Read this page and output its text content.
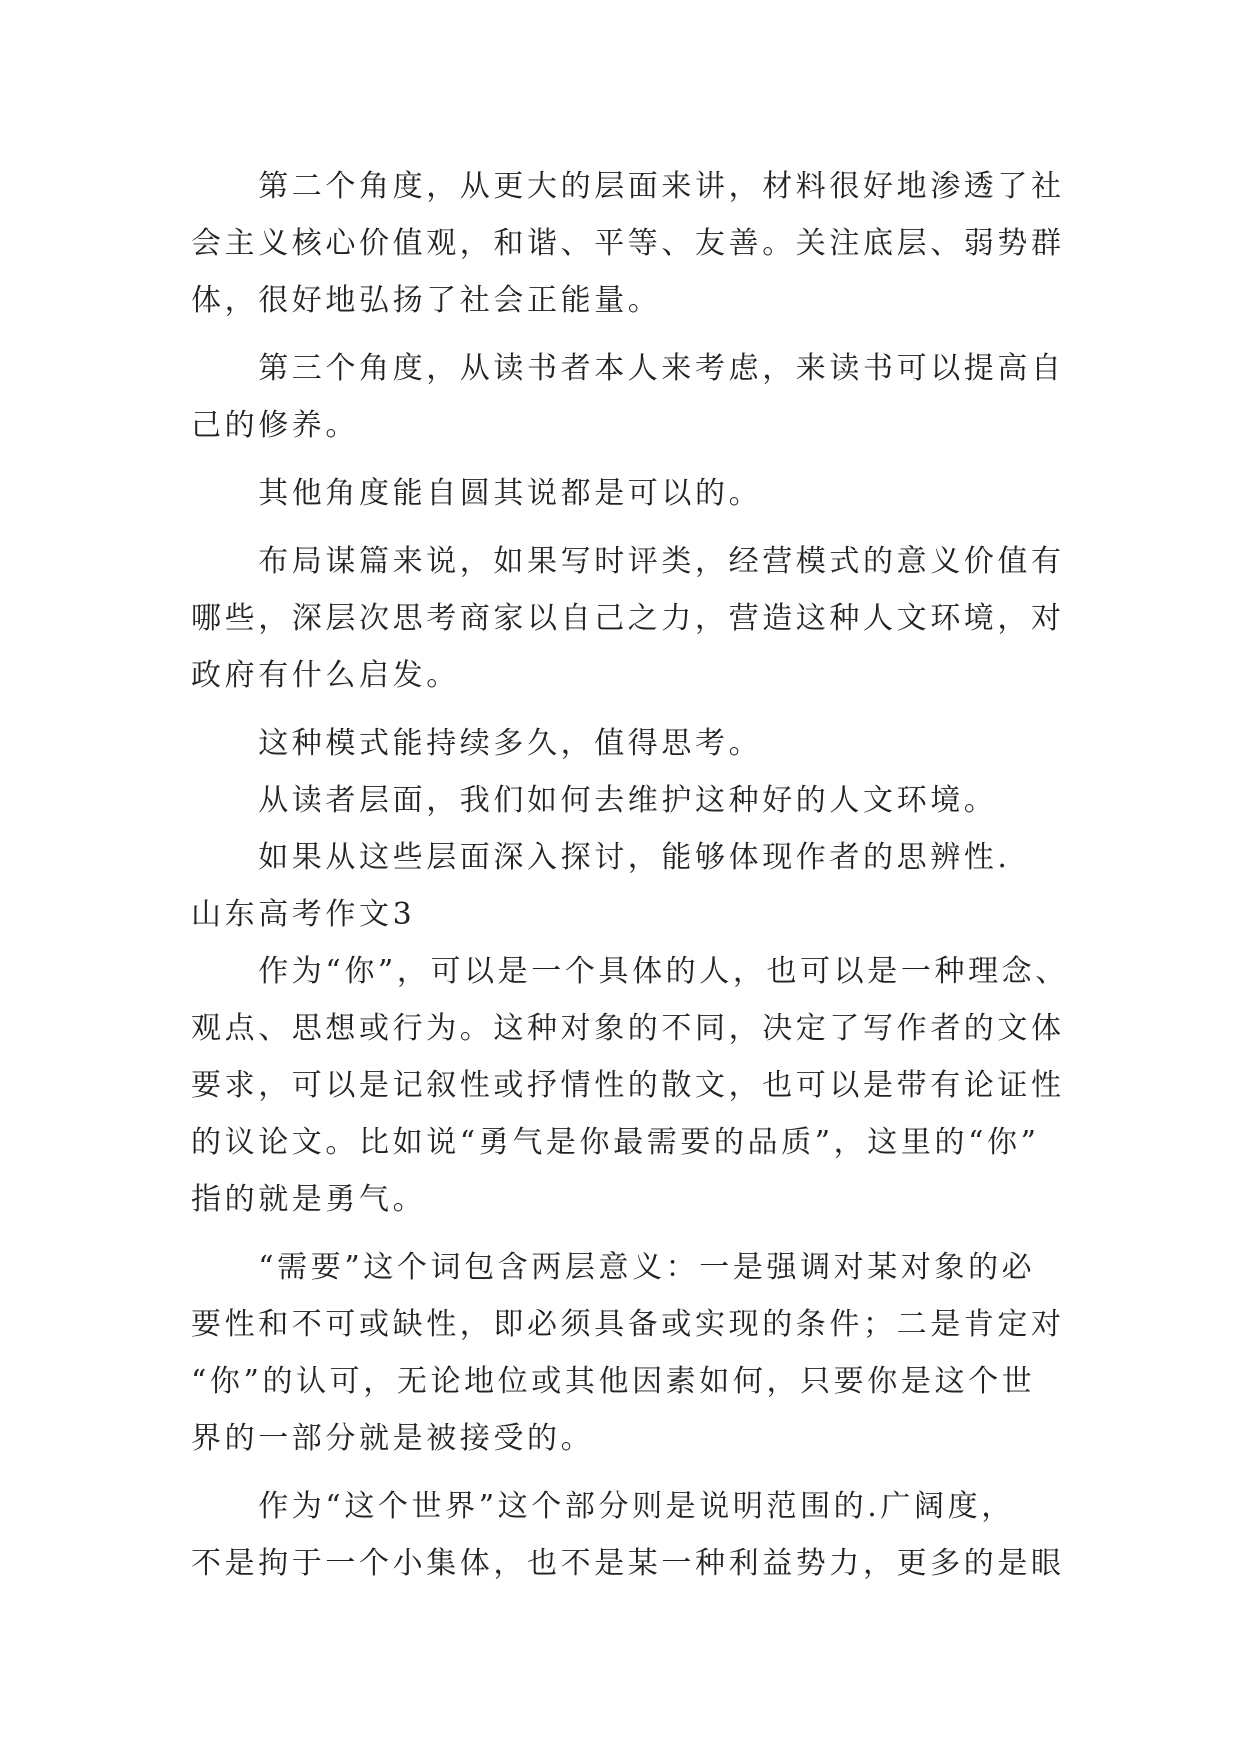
　　第二个角度，从更大的层面来讲，材料很好地渗透了社
会主义核心价值观，和谐、平等、友善。关注底层、弱势群
体，很好地弘扬了社会正能量。
　　第三个角度，从读书者本人来考虑，来读书可以提高自
己的修养。
　　其他角度能自圆其说都是可以的。
　　布局谋篇来说，如果写时评类，经营模式的意义价值有
哪些，深层次思考商家以自己之力，营造这种人文环境，对
政府有什么启发。
　　这种模式能持续多久，值得思考。
　　从读者层面，我们如何去维护这种好的人文环境。
　　如果从这些层面深入探讨，能够体现作者的思辨性.
山东高考作文3
　　作为“你”，可以是一个具体的人，也可以是一种理念、
观点、思想或行为。这种对象的不同，决定了写作者的文体
要求，可以是记叙性或抒情性的散文，也可以是带有论证性
的议论文。比如说“勇气是你最需要的品质”，这里的“你”
指的就是勇气。
　　“需要”这个词包含两层意义：一是强调对某对象的必
要性和不可或缺性，即必须具备或实现的条件；二是肯定对
“你”的认可，无论地位或其他因素如何，只要你是这个世
界的一部分就是被接受的。
　　作为“这个世界”这个部分则是说明范围的.广阔度，
不是拘于一个小集体，也不是某一种利益势力，更多的是眼
